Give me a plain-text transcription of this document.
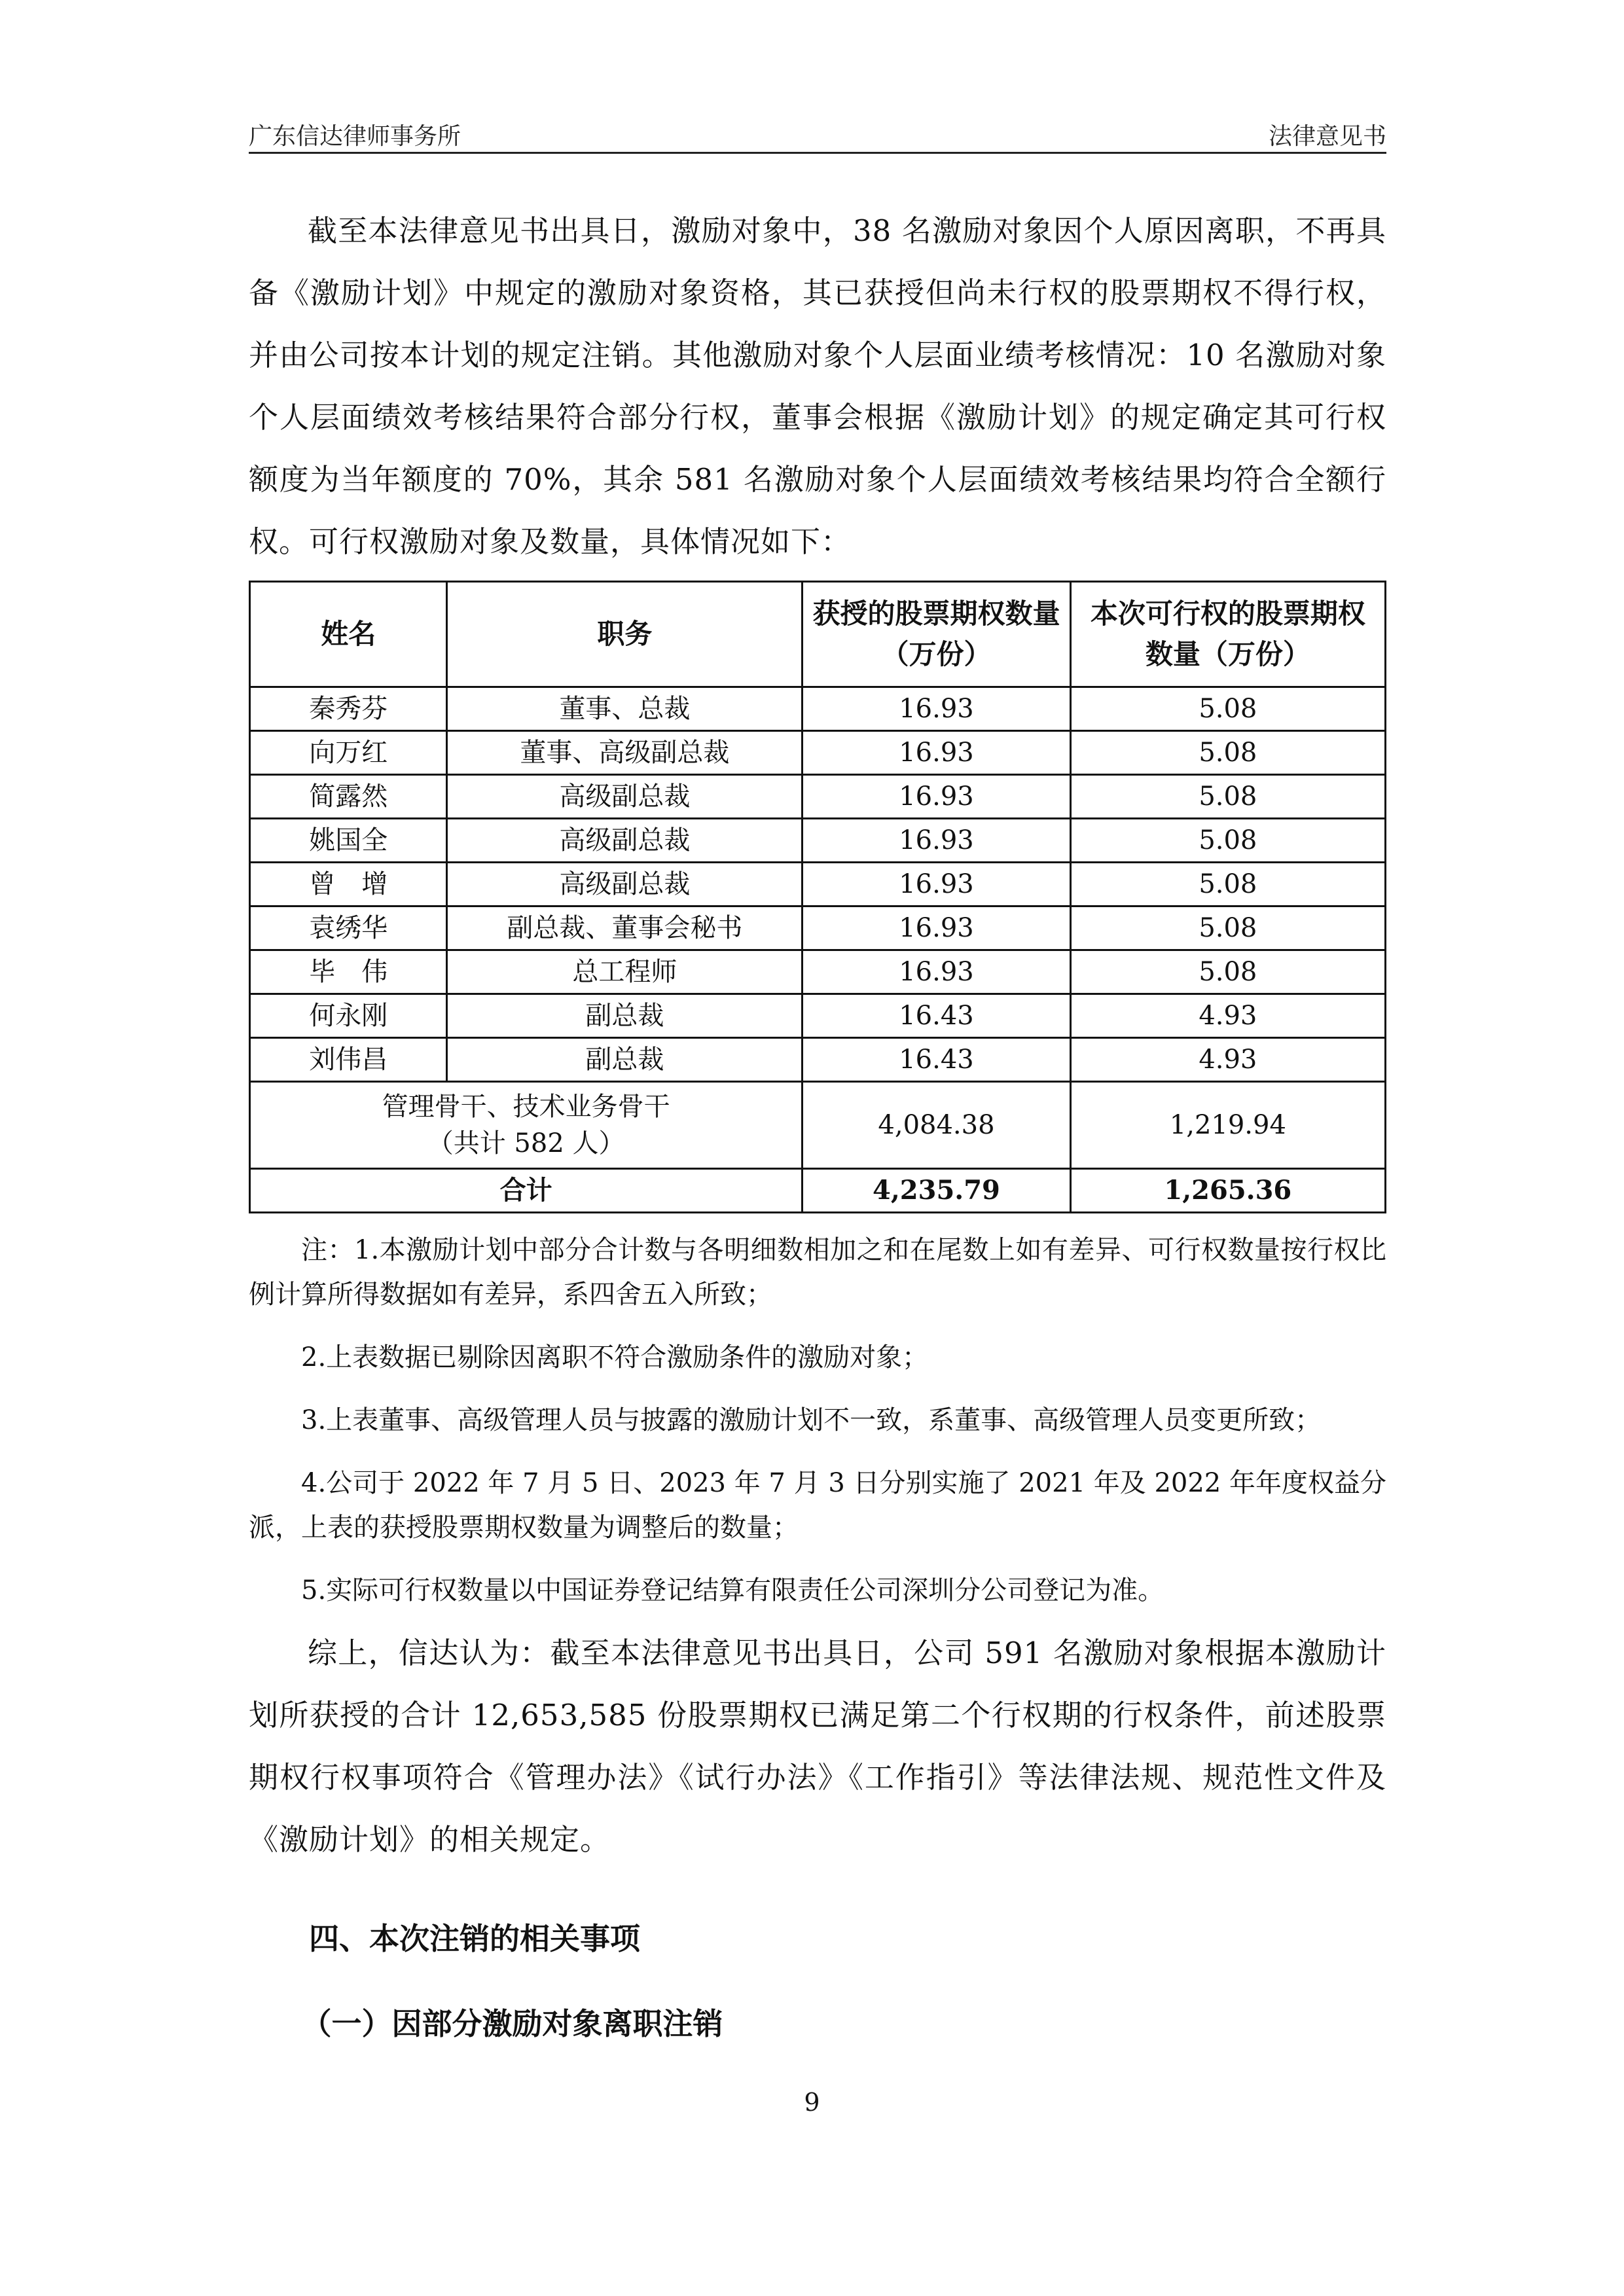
广东信达律师事务所	法律意见书

截至本法律意见书出具日，激励对象中，38 名激励对象因个人原因离职，不再具备《激励计划》中规定的激励对象资格，其已获授但尚未行权的股票期权不得行权，并由公司按本计划的规定注销。其他激励对象个人层面业绩考核情况：10 名激励对象个人层面绩效考核结果符合部分行权，董事会根据《激励计划》的规定确定其可行权额度为当年额度的 70%，其余 581 名激励对象个人层面绩效考核结果均符合全额行权。可行权激励对象及数量，具体情况如下：

姓名	职务	获授的股票期权数量（万份）	本次可行权的股票期权数量（万份）
秦秀芬	董事、总裁	16.93	5.08
向万红	董事、高级副总裁	16.93	5.08
简露然	高级副总裁	16.93	5.08
姚国全	高级副总裁	16.93	5.08
曾　增	高级副总裁	16.93	5.08
袁绣华	副总裁、董事会秘书	16.93	5.08
毕　伟	总工程师	16.93	5.08
何永刚	副总裁	16.43	4.93
刘伟昌	副总裁	16.43	4.93

管理骨干、技术业务骨干
（共计 582 人）		4,084.38	1,219.94
合计		4,235.79	1,265.36

注：1.本激励计划中部分合计数与各明细数相加之和在尾数上如有差异、可行权数量按行权比例计算所得数据如有差异，系四舍五入所致；

2.上表数据已剔除因离职不符合激励条件的激励对象；

3.上表董事、高级管理人员与披露的激励计划不一致，系董事、高级管理人员变更所致；

4.公司于 2022 年 7 月 5 日、2023 年 7 月 3 日分别实施了 2021 年及 2022 年年度权益分派，上表的获授股票期权数量为调整后的数量；

5.实际可行权数量以中国证券登记结算有限责任公司深圳分公司登记为准。

综上，信达认为：截至本法律意见书出具日，公司 591 名激励对象根据本激励计划所获授的合计 12,653,585 份股票期权已满足第二个行权期的行权条件，前述股票期权行权事项符合《管理办法》《试行办法》《工作指引》等法律法规、规范性文件及《激励计划》的相关规定。

四、本次注销的相关事项

（一）因部分激励对象离职注销

9
